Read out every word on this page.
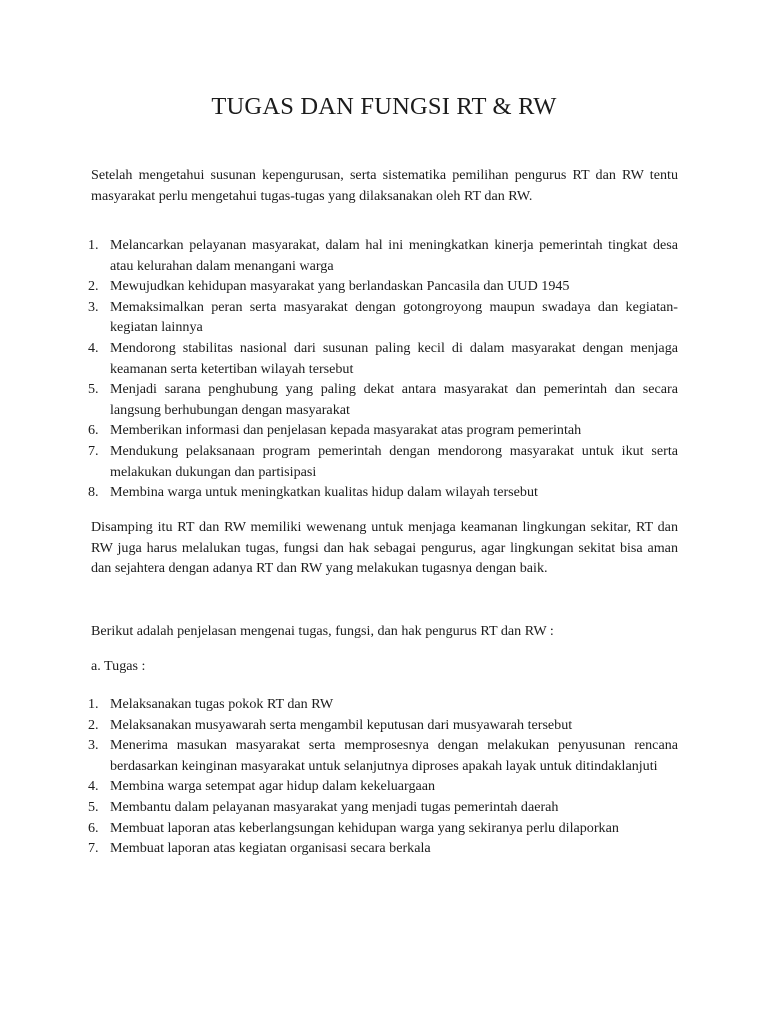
TUGAS DAN FUNGSI RT & RW

Setelah mengetahui susunan kepengurusan, serta sistematika pemilihan pengurus RT dan RW tentu masyarakat perlu mengetahui tugas-tugas yang dilaksanakan oleh RT dan RW.

1. Melancarkan pelayanan masyarakat, dalam hal ini meningkatkan kinerja pemerintah tingkat desa atau kelurahan dalam menangani warga
2. Mewujudkan kehidupan masyarakat yang berlandaskan Pancasila dan UUD 1945
3. Memaksimalkan peran serta masyarakat dengan gotongroyong maupun swadaya dan kegiatan-kegiatan lainnya
4. Mendorong stabilitas nasional dari susunan paling kecil di dalam masyarakat dengan menjaga keamanan serta ketertiban wilayah tersebut
5. Menjadi sarana penghubung yang paling dekat antara masyarakat dan pemerintah dan secara langsung berhubungan dengan masyarakat
6. Memberikan informasi dan penjelasan kepada masyarakat atas program pemerintah
7. Mendukung pelaksanaan program pemerintah dengan mendorong masyarakat untuk ikut serta melakukan dukungan dan partisipasi
8. Membina warga untuk meningkatkan kualitas hidup dalam wilayah tersebut

Disamping itu RT dan RW memiliki wewenang untuk menjaga keamanan lingkungan sekitar, RT dan RW juga harus melalukan tugas, fungsi dan hak sebagai pengurus, agar lingkungan sekitat bisa aman dan sejahtera dengan adanya RT dan RW yang melakukan tugasnya dengan baik.

Berikut adalah penjelasan mengenai tugas, fungsi, dan hak pengurus RT dan RW :

a. Tugas :

1. Melaksanakan tugas pokok RT dan RW
2. Melaksanakan musyawarah serta mengambil keputusan dari musyawarah tersebut
3. Menerima masukan masyarakat serta memprosesnya dengan melakukan penyusunan rencana berdasarkan keinginan masyarakat untuk selanjutnya diproses apakah layak untuk ditindaklanjuti
4. Membina warga setempat agar hidup dalam kekeluargaan
5. Membantu dalam pelayanan masyarakat yang menjadi tugas pemerintah daerah
6. Membuat laporan atas keberlangsungan kehidupan warga yang sekiranya perlu dilaporkan
7. Membuat laporan atas kegiatan organisasi secara berkala
